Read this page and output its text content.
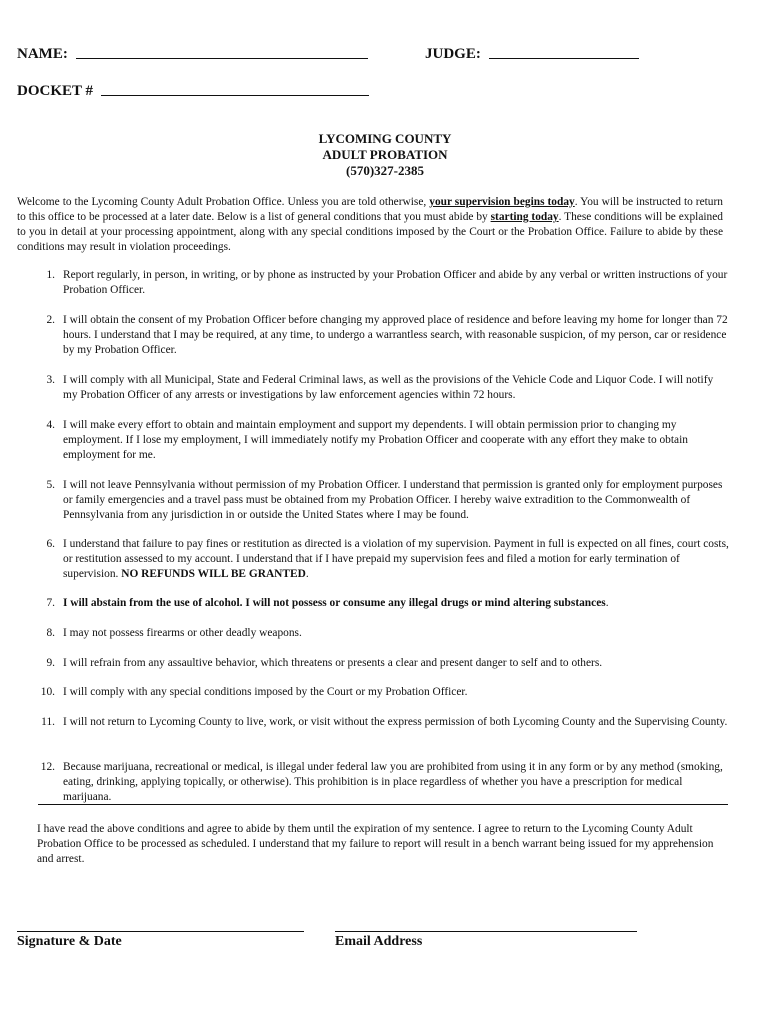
NAME:	JUDGE:
DOCKET #
LYCOMING COUNTY
ADULT PROBATION
(570)327-2385
Welcome to the Lycoming County Adult Probation Office. Unless you are told otherwise, your supervision begins today. You will be instructed to return to this office to be processed at a later date. Below is a list of general conditions that you must abide by starting today. These conditions will be explained to you in detail at your processing appointment, along with any special conditions imposed by the Court or the Probation Office. Failure to abide by these conditions may result in violation proceedings.
1. Report regularly, in person, in writing, or by phone as instructed by your Probation Officer and abide by any verbal or written instructions of your Probation Officer.
2. I will obtain the consent of my Probation Officer before changing my approved place of residence and before leaving my home for longer than 72 hours. I understand that I may be required, at any time, to undergo a warrantless search, with reasonable suspicion, of my person, car or residence by my Probation Officer.
3. I will comply with all Municipal, State and Federal Criminal laws, as well as the provisions of the Vehicle Code and Liquor Code. I will notify my Probation Officer of any arrests or investigations by law enforcement agencies within 72 hours.
4. I will make every effort to obtain and maintain employment and support my dependents. I will obtain permission prior to changing my employment. If I lose my employment, I will immediately notify my Probation Officer and cooperate with any effort they make to obtain employment for me.
5. I will not leave Pennsylvania without permission of my Probation Officer. I understand that permission is granted only for employment purposes or family emergencies and a travel pass must be obtained from my Probation Officer. I hereby waive extradition to the Commonwealth of Pennsylvania from any jurisdiction in or outside the United States where I may be found.
6. I understand that failure to pay fines or restitution as directed is a violation of my supervision. Payment in full is expected on all fines, court costs, or restitution assessed to my account. I understand that if I have prepaid my supervision fees and filed a motion for early termination of supervision. NO REFUNDS WILL BE GRANTED.
7. I will abstain from the use of alcohol. I will not possess or consume any illegal drugs or mind altering substances.
8. I may not possess firearms or other deadly weapons.
9. I will refrain from any assaultive behavior, which threatens or presents a clear and present danger to self and to others.
10. I will comply with any special conditions imposed by the Court or my Probation Officer.
11. I will not return to Lycoming County to live, work, or visit without the express permission of both Lycoming County and the Supervising County.
12. Because marijuana, recreational or medical, is illegal under federal law you are prohibited from using it in any form or by any method (smoking, eating, drinking, applying topically, or otherwise). This prohibition is in place regardless of whether you have a prescription for medical marijuana.
I have read the above conditions and agree to abide by them until the expiration of my sentence. I agree to return to the Lycoming County Adult Probation Office to be processed as scheduled. I understand that my failure to report will result in a bench warrant being issued for my apprehension and arrest.
Signature & Date	Email Address
